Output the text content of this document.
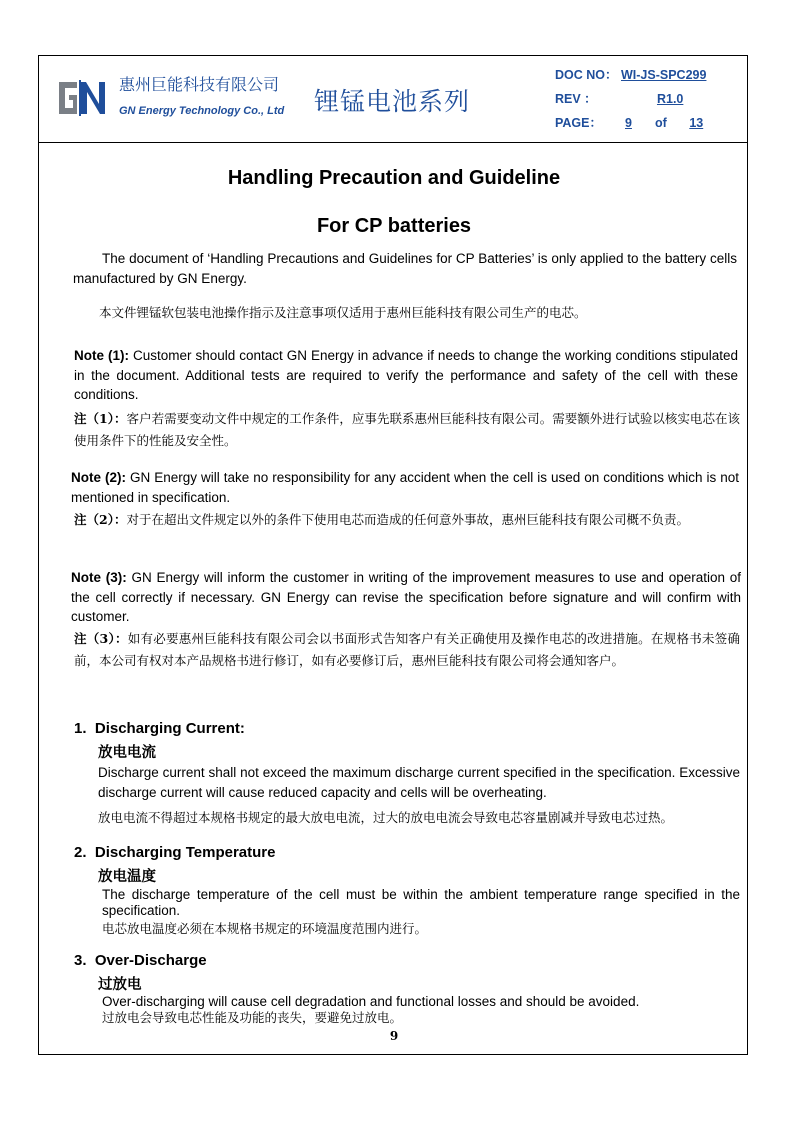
惠州巨能科技有限公司
GN Energy Technology Co., Ltd 锂锰电池系列
DOC NO： WI-JS-SPC299
REV ：	R1.0
PAGE： 9 of 13
Handling Precaution and Guideline
For CP batteries
The document of ‘Handling Precautions and Guidelines for CP Batteries’ is only applied to the battery cells manufactured by GN Energy.
本文件锂锰软包装电池操作指示及注意事项仅适用于惠州巨能科技有限公司生产的电芯。
Note (1): Customer should contact GN Energy in advance if needs to change the working conditions stipulated in the document. Additional tests are required to verify the performance and safety of the cell with these conditions.
注（1）：客户若需要变动文件中规定的工作条件，应事先联系惠州巨能科技有限公司。需要额外进行试验以核实电芯在该使用条件下的性能及安全性。
Note (2): GN Energy will take no responsibility for any accident when the cell is used on conditions which is not mentioned in specification.
注（2）：对于在超出文件规定以外的条件下使用电芯而造成的任何意外事故，惠州巨能科技有限公司概不负责。
Note (3): GN Energy will inform the customer in writing of the improvement measures to use and operation of the cell correctly if necessary. GN Energy can revise the specification before signature and will confirm with customer.
注（3）：如有必要惠州巨能科技有限公司会以书面形式告知客户有关正确使用及操作电芯的改进措施。在规格书未签确前，本公司有权对本产品规格书进行修订，如有必要修订后，惠州巨能科技有限公司将会通知客户。
1. Discharging Current:
放电电流
Discharge current shall not exceed the maximum discharge current specified in the specification. Excessive discharge current will cause reduced capacity and cells will be overheating.
放电电流不得超过本规格书规定的最大放电电流，过大的放电电流会导致电芯容量剧减并导致电芯过热。
2. Discharging Temperature
放电温度
The discharge temperature of the cell must be within the ambient temperature range specified in the specification.
电芯放电温度必须在本规格书规定的环境温度范围内进行。
3. Over-Discharge
过放电
Over-discharging will cause cell degradation and functional losses and should be avoided.
过放电会导致电芯性能及功能的丧失，要避免过放电。
9
